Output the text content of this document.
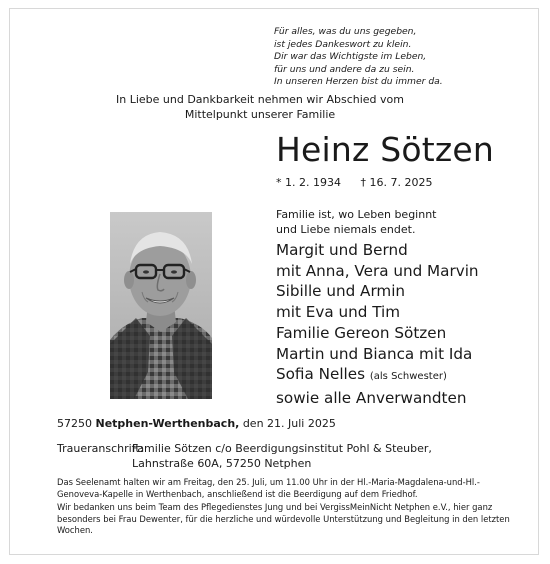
Für alles, was du uns gegeben,
ist jedes Dankeswort zu klein.
Dir war das Wichtigste im Leben,
für uns und andere da zu sein.
In unseren Herzen bist du immer da.
In Liebe und Dankbarkeit nehmen wir Abschied vom
Mittelpunkt unserer Familie
Heinz Sötzen
* 1. 2. 1934 † 16. 7. 2025
Familie ist, wo Leben beginnt
und Liebe niemals endet.
Margit und Bernd
mit Anna, Vera und Marvin
Sibille und Armin
mit Eva und Tim
Familie Gereon Sötzen
Martin und Bianca mit Ida
Sofia Nelles (als Schwester)
sowie alle Anverwandten
57250 Netphen-Werthenbach, den 21. Juli 2025
Traueranschrift:Familie Sötzen c/o Beerdigungsinstitut Pohl & Steuber,
Lahnstraße 60A, 57250 Netphen

Das Seelenamt halten wir am Freitag, den 25. Juli, um 11.00 Uhr in der Hl.-Maria-Magdalena-und-Hl.-Genoveva-Kapelle in Werthenbach, anschließend ist die Beerdigung auf dem Friedhof.

Wir bedanken uns beim Team des Pflegedienstes Jung und bei VergissMeinNicht Netphen e.V., hier ganz besonders bei Frau Dewenter, für die herzliche und würdevolle Unterstützung und Begleitung in den letzten Wochen.
